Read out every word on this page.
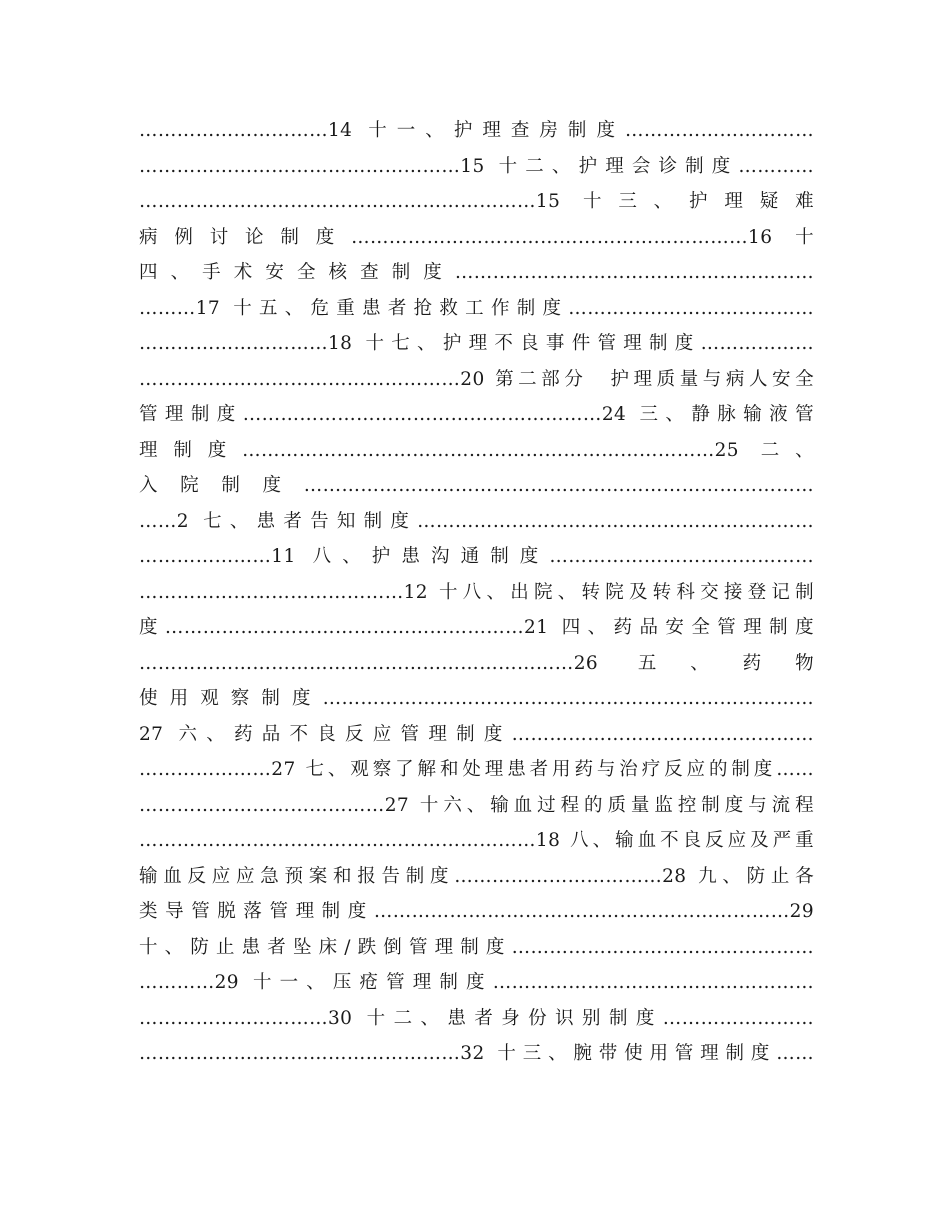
…………………………14 十一、护理查房制度…………………………
……………………………………………15 十二、护理会诊制度…………
………………………………………………………15 十三、护理疑难
病例讨论制度………………………………………………………16 十
四、手术安全核查制度…………………………………………………
………17 十五、危重患者抢救工作制度…………………………………
…………………………18 十七、护理不良事件管理制度………………
……………………………………………20 第二部分　护理质量与病人安全
管理制度…………………………………………………24 三、静脉输液管
理制度…………………………………………………………………25 二、
入院制度………………………………………………………………………
……2 七、患者告知制度………………………………………………………
…………………11 八、护患沟通制度……………………………………
……………………………………12 十八、出院、转院及转科交接登记制
度…………………………………………………21 四、药品安全管理制度
……………………………………………………………26 五、药物
使用观察制度……………………………………………………………………
27 六、药品不良反应管理制度…………………………………………
…………………27 七、观察了解和处理患者用药与治疗反应的制度……
…………………………………27 十六、输血过程的质量监控制度与流程
………………………………………………………18 八、输血不良反应及严重
输血反应应急预案和报告制度……………………………28 九、防止各
类导管脱落管理制度…………………………………………………………29
十、防止患者坠床/跌倒管理制度…………………………………………
…………29 十一、压疮管理制度……………………………………………
…………………………30 十二、患者身份识别制度……………………
……………………………………………32 十三、腕带使用管理制度……
